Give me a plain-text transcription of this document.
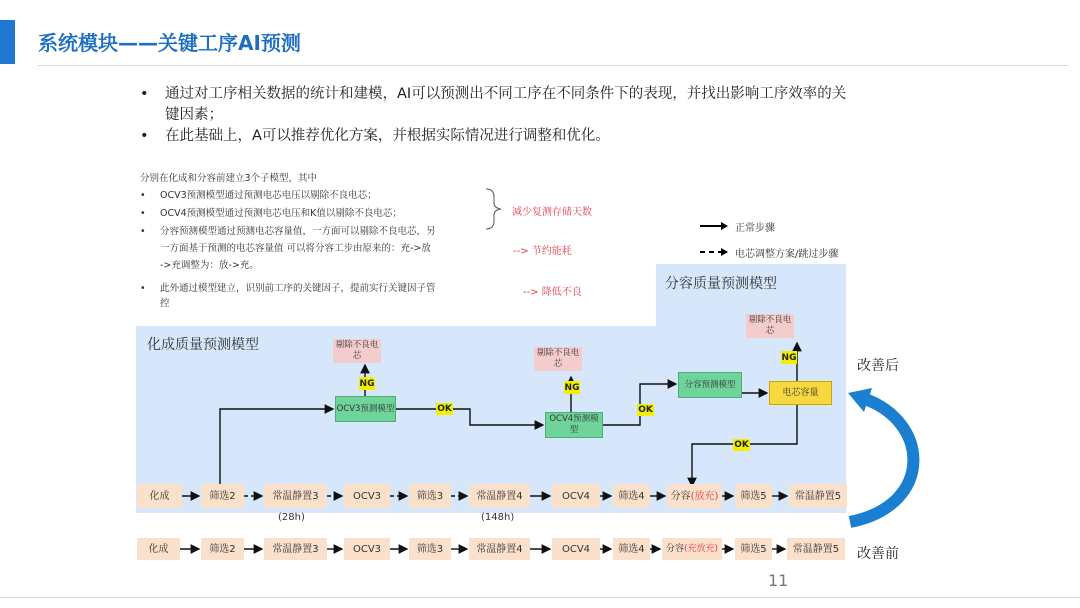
系统模块——关键工序AI预测
• 通过对工序相关数据的统计和建模，AI可以预测出不同工序在不同条件下的表现，并找出影响工序效率的关键因素；
• 在此基础上，A可以推荐优化方案，并根据实际情况进行调整和优化。
分别在化成和分容前建立3个子模型，其中
• OCV3预测模型通过预测电芯电压以剔除不良电芯；
• OCV4预测模型通过预测电芯电压和K值以剔除不良电芯；
• 分容预测模型通过预测电芯容量值，一方面可以剔除不良电芯，另
一方面基于预测的电芯容量值 可以将分容工步由原来的：充->放
->充调整为：放->充。
• 此外通过模型建立，识别前工序的关键因子，提前实行关键因子管
控
减少复测存储天数
--> 节约能耗
--> 降低不良
正常步骤
电芯调整方案/跳过步骤
化成质量预测模型
分容质量预测模型
化成	筛选2	常温静置3
(28h)
OCV3	筛选3	常温静置4
(148h)
OCV4	筛选4	分容 (放充)	筛选5	常温静置5
化成	筛选2	常温静置3	OCV3	筛选3	常温静置4	OCV4	筛选4	分容 (充放充)	筛选5	常温静置5
OCV3预测模型
OCV4预测模型
分容预测模型
电芯容量
剔除不良电芯	剔除不良电芯
剔除不良电芯
NG	NG
NG
OK	OK
OK
改善后
改善前
11
